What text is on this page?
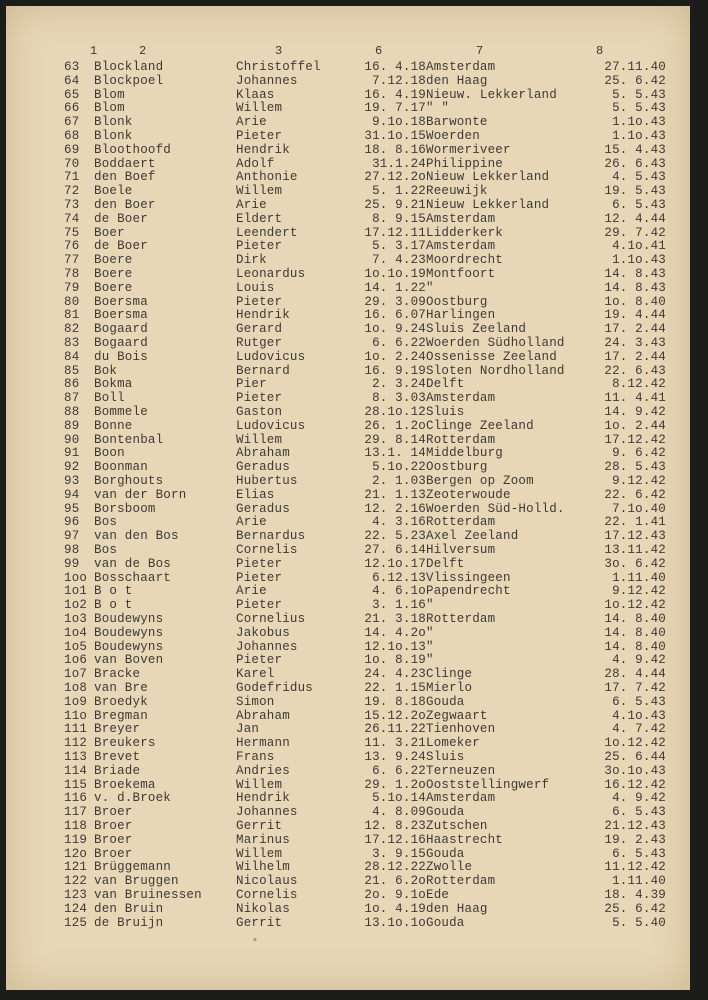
1	2	3	6	7	8
63 Blockland	Christoffel	16. 4.18 Amsterdam	27.11.40
64 Blockpoel	Johannes	7.12.18 den Haag	25. 6.42
65 Blom	Klaas	16. 4.19 Nieuw. Lekkerland	5. 5.43
66 Blom	Willem	19. 7.17 " "	5. 5.43
67 Blonk	Arie	9.1o.18 Barwonte	1.1o.43
68 Blonk	Pieter	31.1o.15 Woerden	1.1o.43
69 Bloothoofd	Hendrik	18. 8.16 Wormeriveer	15. 4.43
70 Boddaert	Adolf	31.1.24 Philippine	26. 6.43
71 den Boef	Anthonie	27.12.2o Nieuw Lekkerland	4. 5.43
72 Boele	Willem	5. 1.22 Reeuwijk	19. 5.43
73 den Boer	Arie	25. 9.21 Nieuw Lekkerland	6. 5.43
74 de Boer	Eldert	8. 9.15 Amsterdam	12. 4.44
75 Boer	Leendert	17.12.11 Lidderkerk	29. 7.42
76 de Boer	Pieter	5. 3.17 Amsterdam	4.1o.41
77 Boere	Dirk	7. 4.23 Moordrecht	1.1o.43
78 Boere	Leonardus	1o.1o.19 Montfoort	14. 8.43
79 Boere	Louis	14. 1.22 "	14. 8.43
80 Boersma	Pieter	29. 3.09 Oostburg	1o. 8.40
81 Boersma	Hendrik	16. 6.07 Harlingen	19. 4.44
82 Bogaard	Gerard	1o. 9.24 Sluis Zeeland	17. 2.44
83 Bogaard	Rutger	6. 6.22 Woerden Südholland	24. 3.43
84 du Bois	Ludovicus	1o. 2.24 Ossenisse Zeeland	17. 2.44
85 Bok	Bernard	16. 9.19 Sloten Nordholland	22. 6.43
86 Bokma	Pier	2. 3.24 Delft	8.12.42
87 Boll	Pieter	8. 3.03 Amsterdam	11. 4.41
88 Bommele	Gaston	28.1o.12 Sluis	14. 9.42
89 Bonne	Ludovicus	26. 1.2o Clinge Zeeland	1o. 2.44
90 Bontenbal	Willem	29. 8.14 Rotterdam	17.12.42
91 Boon	Abraham	13.1. 14 Middelburg	9. 6.42
92 Boonman	Geradus	5.1o.22 Oostburg	28. 5.43
93 Borghouts	Hubertus	2. 1.03 Bergen op Zoom	9.12.42
94 van der Born	Elias	21. 1.13 Zeoterwoude	22. 6.42
95 Borsboom	Geradus	12. 2.16 Woerden Süd-Holld.	7.1o.40
96 Bos	Arie	4. 3.16 Rotterdam	22. 1.41
97 van den Bos	Bernardus	22. 5.23 Axel Zeeland	17.12.43
98 Bos	Cornelis	27. 6.14 Hilversum	13.11.42
99 van de Bos	Pieter	12.1o.17 Delft	3o. 6.42
1oo Bosschaart	Pieter	6.12.13 Vlissingeen	1.11.40
1o1 B o t	Arie	4. 6.1o Papendrecht	9.12.42
1o2 B o t	Pieter	3. 1.16 "	1o.12.42
1o3 Boudewyns	Cornelius	21. 3.18 Rotterdam	14. 8.40
1o4 Boudewyns	Jakobus	14. 4.2o "	14. 8.40
1o5 Boudewyns	Johannes	12.1o.13 "	14. 8.40
1o6 van Boven	Pieter	1o. 8.19 "	4. 9.42
1o7 Bracke	Karel	24. 4.23 Clinge	28. 4.44
1o8 van Bre	Godefridus	22. 1.15 Mierlo	17. 7.42
1o9 Broedyk	Simon	19. 8.18 Gouda	6. 5.43
11o Bregman	Abraham	15.12.2o Zegwaart	4.1o.43
111 Breyer	Jan	26.11.22 Tienhoven	4. 7.42
112 Breukers	Hermann	11. 3.21 Lomeker	1o.12.42
113 Brevet	Frans	13. 9.24 Sluis	25. 6.44
114 Briade	Andries	6. 6.22 Terneuzen	3o.1o.43
115 Broekema	Willem	29. 1.2o Ooststellingwerf	16.12.42
116 v. d.Broek	Hendrik	5.1o.14 Amsterdam	4. 9.42
117 Broer	Johannes	4. 8.09 Gouda	6. 5.43
118 Broer	Gerrit	12. 8.23 Zutschen	21.12.43
119 Broer	Marinus	17.12.16 Haastrecht	19. 2.43
12o Broer	Willem	3. 9.15 Gouda	6. 5.43
121 Brüggemann	Wilhelm	28.12.22 Zwolle	11.12.42
122 van Bruggen	Nicolaus	21. 6.2o Rotterdam	1.11.40
123 van Bruinessen	Cornelis	2o. 9.1o Ede	18. 4.39
124 den Bruin	Nikolas	1o. 4.19 den Haag	25. 6.42
125 de Bruijn	Gerrit	13.1o.1o Gouda	5. 5.40
°
